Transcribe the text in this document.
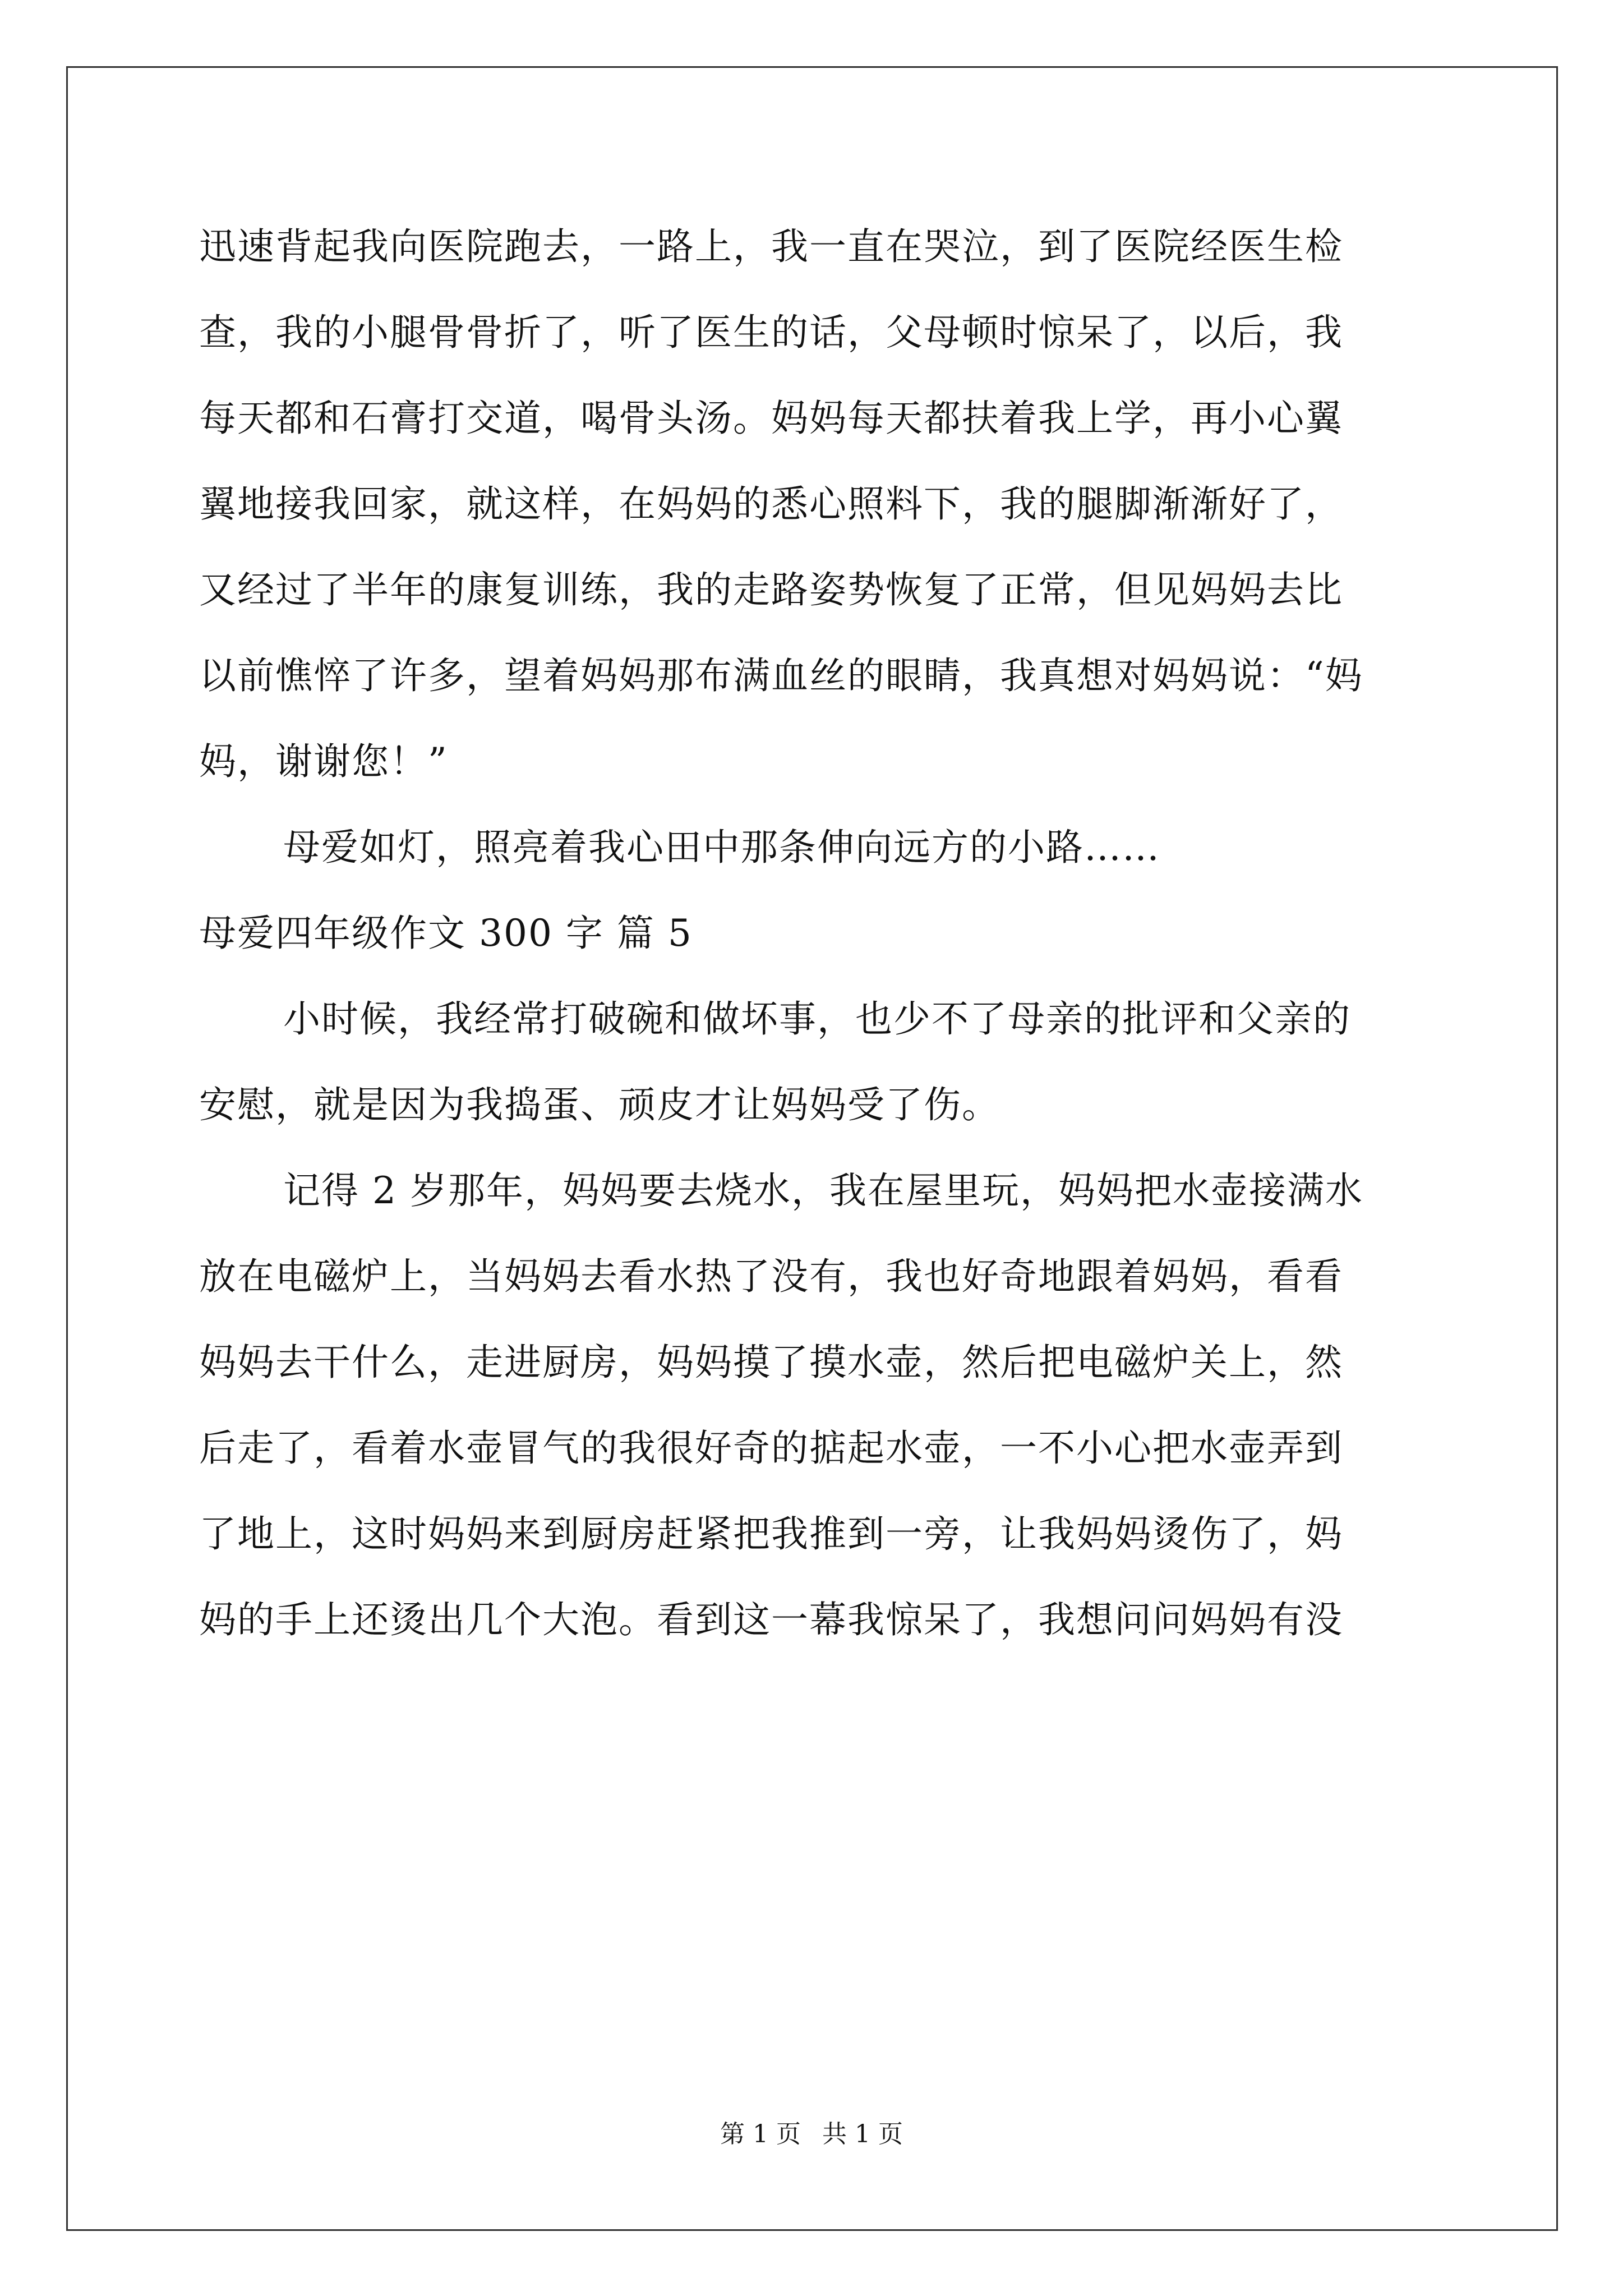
迅速背起我向医院跑去，一路上，我一直在哭泣，到了医院经医生检
查，我的小腿骨骨折了，听了医生的话，父母顿时惊呆了，以后，我
每天都和石膏打交道，喝骨头汤。妈妈每天都扶着我上学，再小心翼
翼地接我回家，就这样，在妈妈的悉心照料下，我的腿脚渐渐好了，
又经过了半年的康复训练，我的走路姿势恢复了正常，但见妈妈去比
以前憔悴了许多，望着妈妈那布满血丝的眼睛，我真想对妈妈说：“妈
妈，谢谢您！”
母爱如灯，照亮着我心田中那条伸向远方的小路……
母爱四年级作文 300 字 篇 5
小时候，我经常打破碗和做坏事，也少不了母亲的批评和父亲的
安慰，就是因为我捣蛋、顽皮才让妈妈受了伤。
记得 2 岁那年，妈妈要去烧水，我在屋里玩，妈妈把水壶接满水
放在电磁炉上，当妈妈去看水热了没有，我也好奇地跟着妈妈，看看
妈妈去干什么，走进厨房，妈妈摸了摸水壶，然后把电磁炉关上，然
后走了，看着水壶冒气的我很好奇的掂起水壶，一不小心把水壶弄到
了地上，这时妈妈来到厨房赶紧把我推到一旁，让我妈妈烫伤了，妈
妈的手上还烫出几个大泡。看到这一幕我惊呆了，我想问问妈妈有没
第 1 页 共 1 页
